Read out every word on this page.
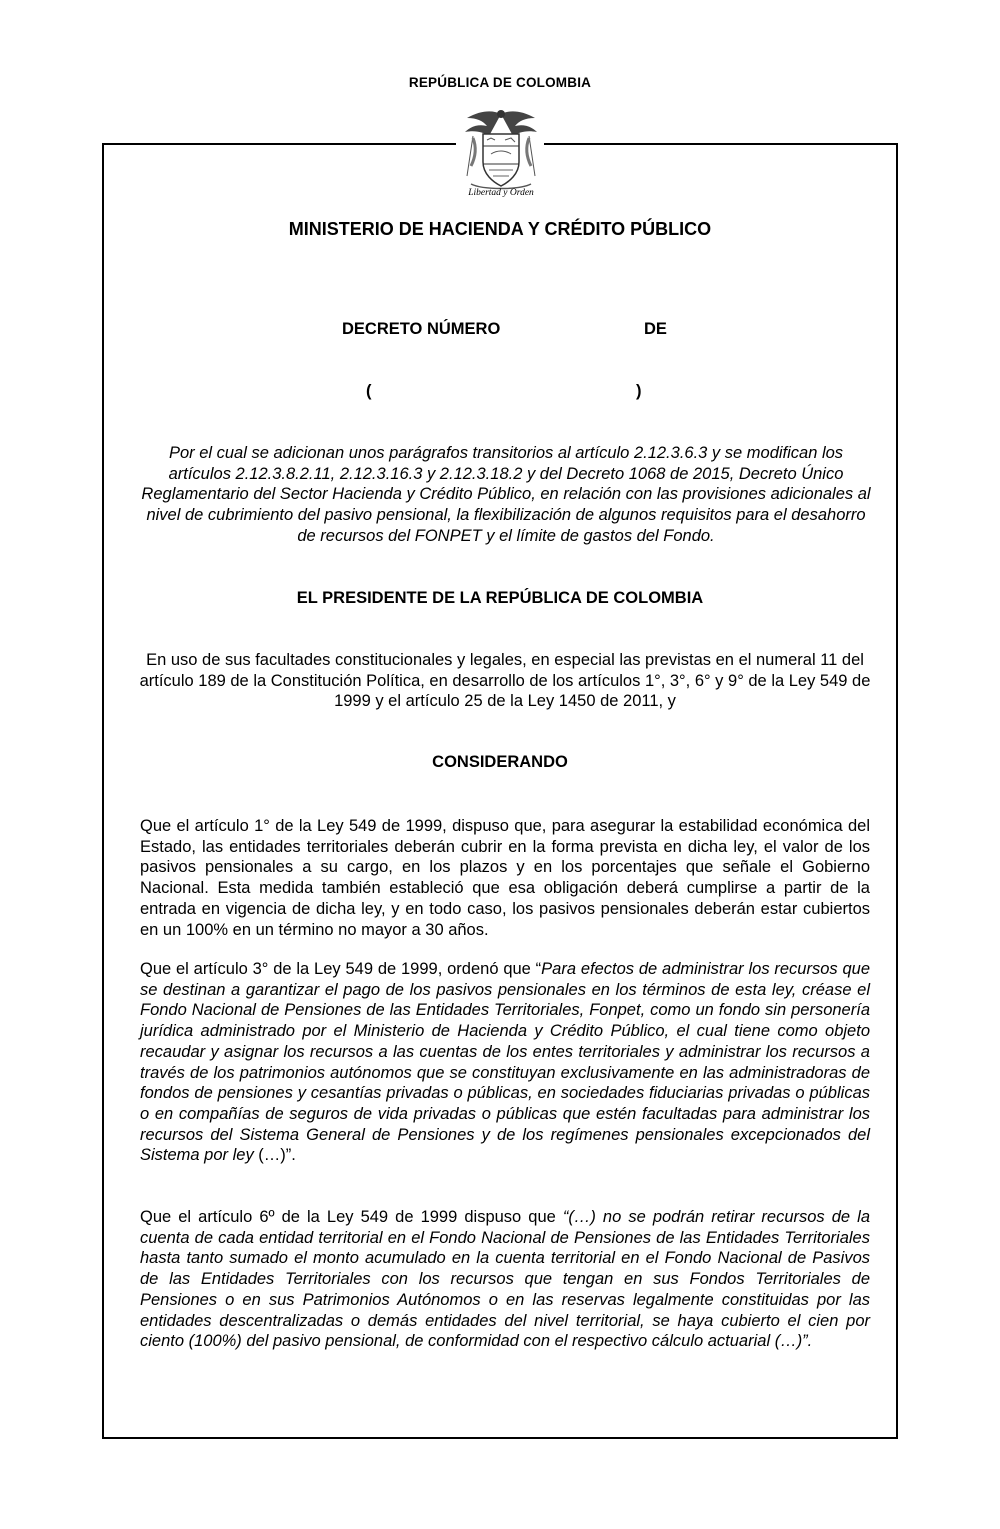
REPÚBLICA DE COLOMBIA
Libertad y Orden
MINISTERIO DE HACIENDA Y CRÉDITO PÚBLICO
DECRETO NÚMERO	DE
(	)
Por el cual se adicionan unos parágrafos transitorios al artículo 2.12.3.6.3 y se modifican los artículos 2.12.3.8.2.11, 2.12.3.16.3 y 2.12.3.18.2 y del Decreto 1068 de 2015, Decreto Único Reglamentario del Sector Hacienda y Crédito Público, en relación con las provisiones adicionales al nivel de cubrimiento del pasivo pensional, la flexibilización de algunos requisitos para el desahorro de recursos del FONPET y el límite de gastos del Fondo.
EL PRESIDENTE DE LA REPÚBLICA DE COLOMBIA
En uso de sus facultades constitucionales y legales, en especial las previstas en el numeral 11 del artículo 189 de la Constitución Política, en desarrollo de los artículos 1°, 3°, 6° y 9° de la Ley 549 de 1999 y el artículo 25 de la Ley 1450 de 2011, y
CONSIDERANDO
Que el artículo 1° de la Ley 549 de 1999, dispuso que, para asegurar la estabilidad económica del Estado, las entidades territoriales deberán cubrir en la forma prevista en dicha ley, el valor de los pasivos pensionales a su cargo, en los plazos y en los porcentajes que señale el Gobierno Nacional. Esta medida también estableció que esa obligación deberá cumplirse a partir de la entrada en vigencia de dicha ley, y en todo caso, los pasivos pensionales deberán estar cubiertos en un 100% en un término no mayor a 30 años.
Que el artículo 3° de la Ley 549 de 1999, ordenó que “Para efectos de administrar los recursos que se destinan a garantizar el pago de los pasivos pensionales en los términos de esta ley, créase el Fondo Nacional de Pensiones de las Entidades Territoriales, Fonpet, como un fondo sin personería jurídica administrado por el Ministerio de Hacienda y Crédito Público, el cual tiene como objeto recaudar y asignar los recursos a las cuentas de los entes territoriales y administrar los recursos a través de los patrimonios autónomos que se constituyan exclusivamente en las administradoras de fondos de pensiones y cesantías privadas o públicas, en sociedades fiduciarias privadas o públicas o en compañías de seguros de vida privadas o públicas que estén facultadas para administrar los recursos del Sistema General de Pensiones y de los regímenes pensionales excepcionados del Sistema por ley (…)”.
Que el artículo 6º de la Ley 549 de 1999 dispuso que “(…) no se podrán retirar recursos de la cuenta de cada entidad territorial en el Fondo Nacional de Pensiones de las Entidades Territoriales hasta tanto sumado el monto acumulado en la cuenta territorial en el Fondo Nacional de Pasivos de las Entidades Territoriales con los recursos que tengan en sus Fondos Territoriales de Pensiones o en sus Patrimonios Autónomos o en las reservas legalmente constituidas por las entidades descentralizadas o demás entidades del nivel territorial, se haya cubierto el cien por ciento (100%) del pasivo pensional, de conformidad con el respectivo cálculo actuarial (…)”.
